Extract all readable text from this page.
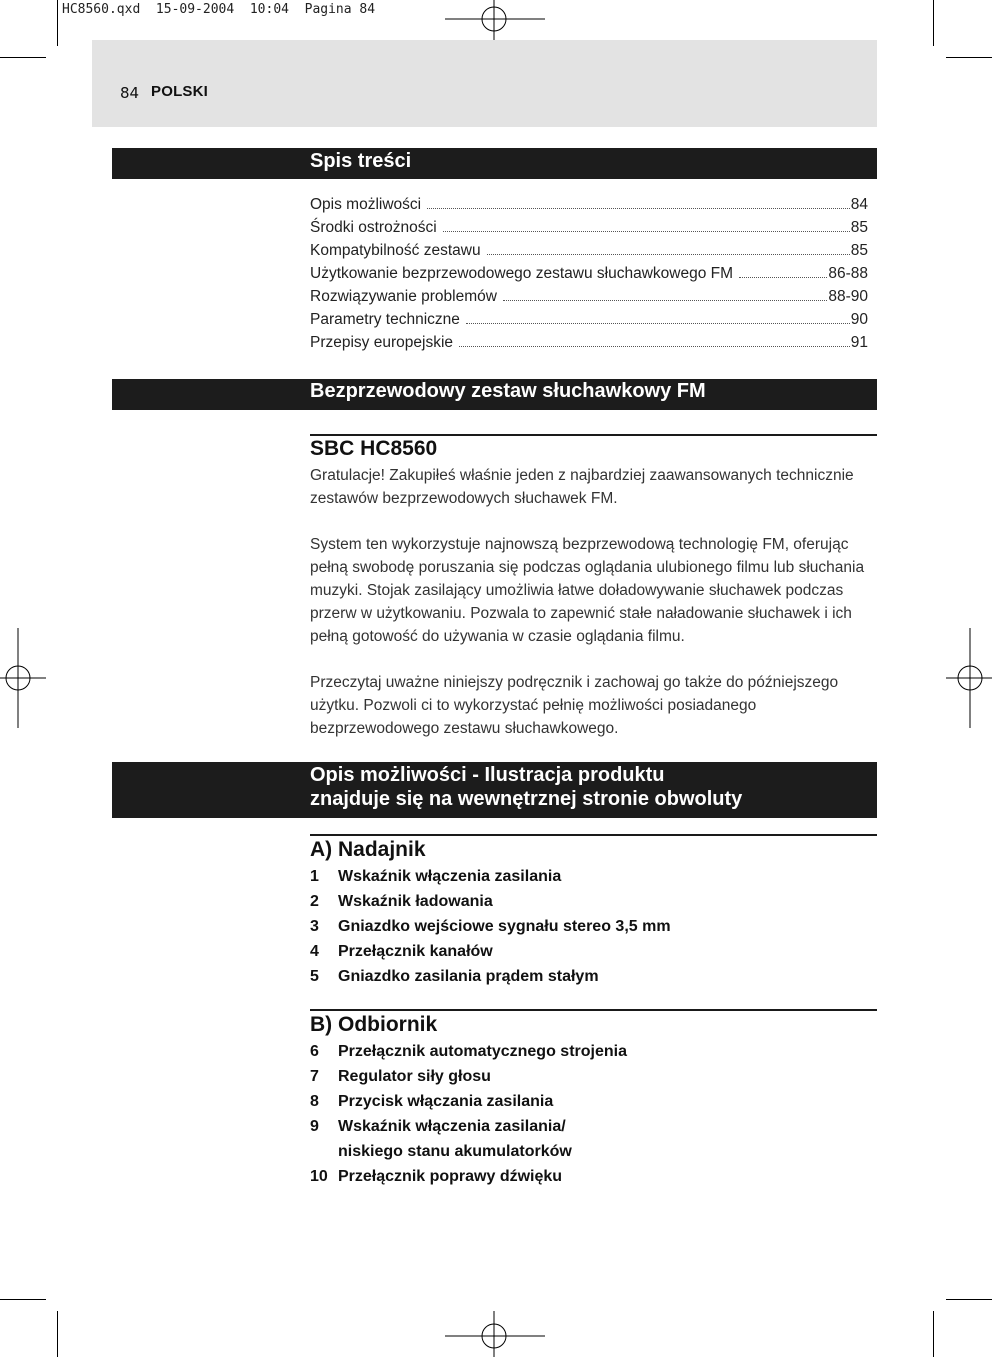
HC8560.qxd  15-09-2004  10:04  Pagina 84
84 POLSKI
Spis treści
Opis możliwości	84
Środki ostrożności	85
Kompatybilność zestawu	85
Użytkowanie bezprzewodowego zestawu słuchawkowego FM	86-88
Rozwiązywanie problemów	88-90
Parametry techniczne	90
Przepisy europejskie	91
Bezprzewodowy zestaw słuchawkowy FM
SBC HC8560

Gratulacje! Zakupiłeś właśnie jeden z najbardziej zaawansowanych technicznie zestawów bezprzewodowych słuchawek FM.

System ten wykorzystuje najnowszą bezprzewodową technologię FM, oferując pełną swobodę poruszania się podczas oglądania ulubionego filmu lub słuchania muzyki. Stojak zasilający umożliwia łatwe doładowywanie słuchawek podczas przerw w użytkowaniu. Pozwala to zapewnić stałe naładowanie słuchawek i ich pełną gotowość do używania w czasie oglądania filmu.

Przeczytaj uważne niniejszy podręcznik i zachowaj go także do późniejszego użytku. Pozwoli ci to wykorzystać pełnię możliwości posiadanego bezprzewodowego zestawu słuchawkowego.

Opis możliwości - Ilustracja produktu
znajduje się na wewnętrznej stronie obwoluty
A) Nadajnik
1	Wskaźnik włączenia zasilania
2	Wskaźnik ładowania
3	Gniazdko wejściowe sygnału stereo 3,5 mm
4	Przełącznik kanałów
5	Gniazdko zasilania prądem stałym
B) Odbiornik
6	Przełącznik automatycznego strojenia
7	Regulator siły głosu
8	Przycisk włączania zasilania
9	Wskaźnik włączenia zasilania/
niskiego stanu akumulatorków
10 Przełącznik poprawy dźwięku
